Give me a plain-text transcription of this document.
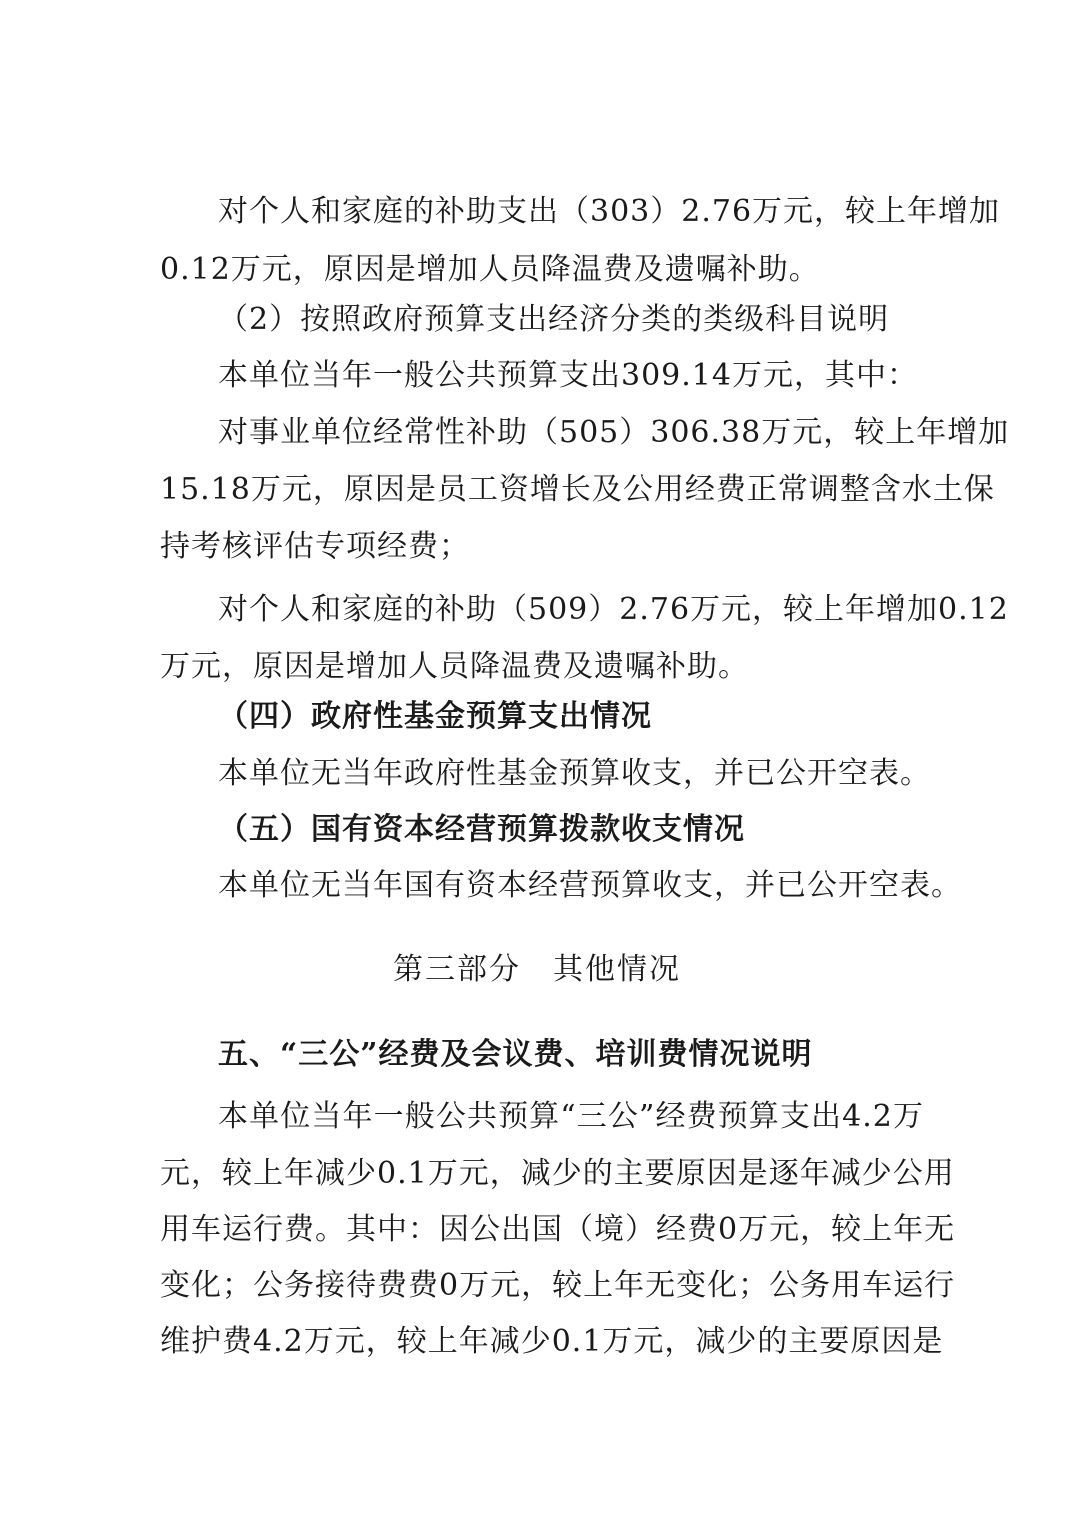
对个人和家庭的补助支出（303）2.76万元，较上年增加
0.12万元，原因是增加人员降温费及遗嘱补助。
（2）按照政府预算支出经济分类的类级科目说明
本单位当年一般公共预算支出309.14万元，其中：
对事业单位经常性补助（505）306.38万元，较上年增加
15.18万元，原因是员工资增长及公用经费正常调整含水土保
持考核评估专项经费；
对个人和家庭的补助（509）2.76万元，较上年增加0.12
万元，原因是增加人员降温费及遗嘱补助。
（四）政府性基金预算支出情况
本单位无当年政府性基金预算收支，并已公开空表。
（五）国有资本经营预算拨款收支情况
本单位无当年国有资本经营预算收支，并已公开空表。
第三部分　其他情况
五、“三公”经费及会议费、培训费情况说明
本单位当年一般公共预算“三公”经费预算支出4.2万
元，较上年减少0.1万元，减少的主要原因是逐年减少公用
用车运行费。其中：因公出国（境）经费0万元，较上年无
变化；公务接待费费0万元，较上年无变化；公务用车运行
维护费4.2万元，较上年减少0.1万元，减少的主要原因是
